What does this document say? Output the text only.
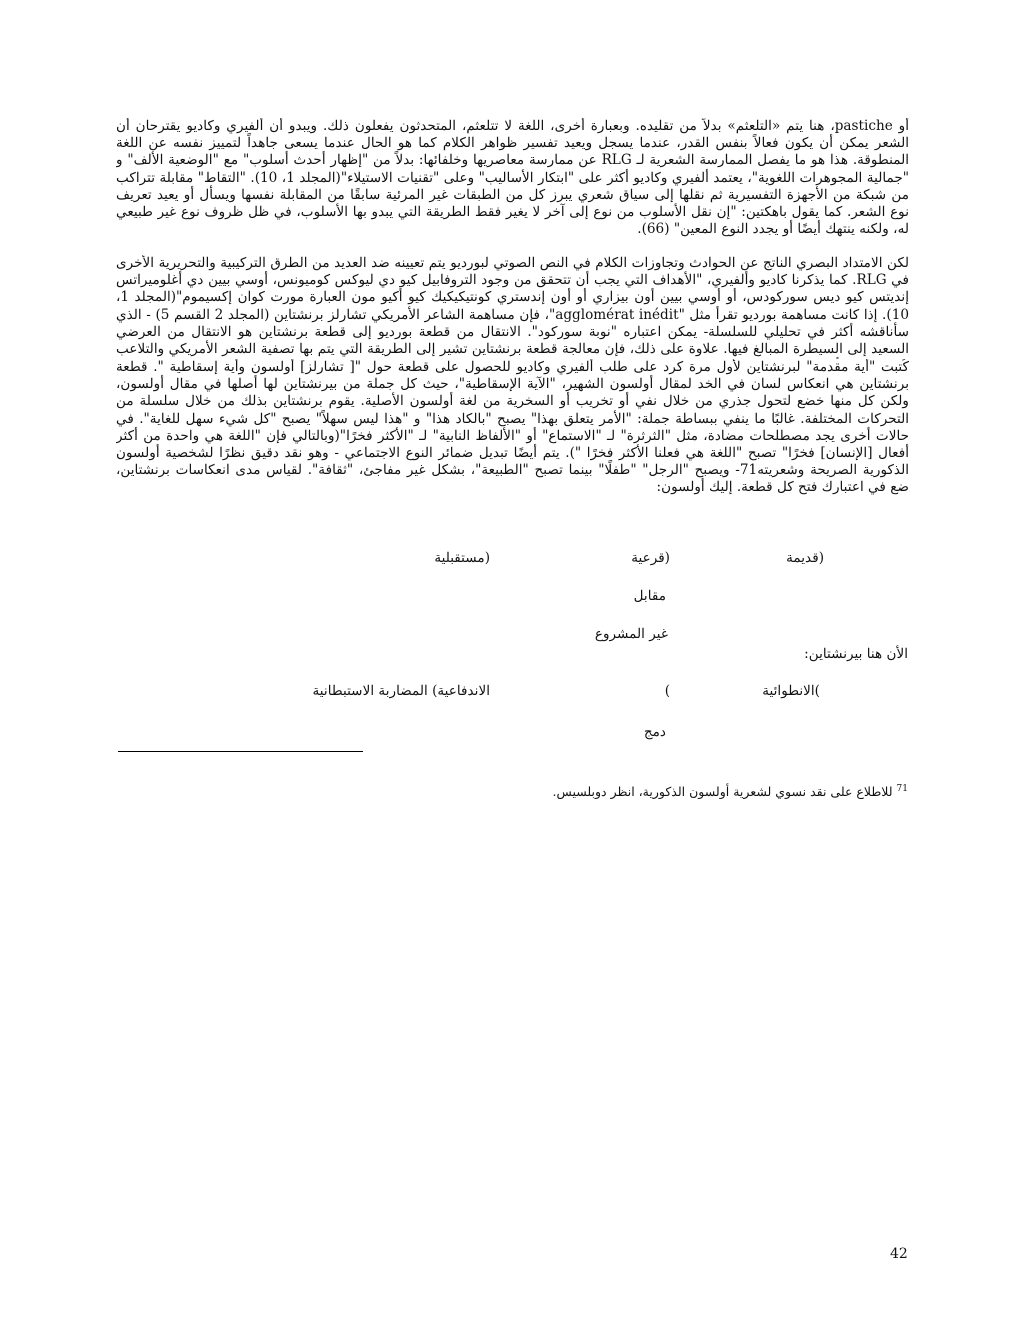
أو pastiche، هنا يتم «التلعثم» بدلاً من تقليده. وبعبارة أخرى، اللغة لا تتلعثم، المتحدثون يفعلون ذلك. ويبدو أن ألفيري وكاديو يقترحان أن الشعر يمكن أن يكون فعالاً بنفس القدر، عندما يسجل ويعيد تفسير ظواهر الكلام كما هو الحال عندما يسعى جاهداً لتمييز نفسه عن اللغة المنطوقة. هذا هو ما يفصل الممارسة الشعرية لـ RLG عن ممارسة معاصريها وخلفائها: بدلاً من "إظهار أحدث أسلوب" مع "الوضعية الألف" و "جمالية المجوهرات اللغوية"، يعتمد ألفيري وكاديو أكثر على "ابتكار الأساليب" وعلى "تقنيات الاستيلاء"(المجلد 1، 10). "التقاط" مقابلة تتراكب من شبكة من الأجهزة التفسيرية ثم نقلها إلى سياق شعري يبرز كل من الطبقات غير المرئية سابقًا من المقابلة نفسها ويسأل أو يعيد تعريف نوع الشعر. كما يقول باهكتين: "إن نقل الأسلوب من نوع إلى آخر لا يغير فقط الطريقة التي يبدو بها الأسلوب، في ظل ظروف نوع غير طبيعي له، ولكنه ينتهك أيضًا أو يجدد النوع المعين" (66).

لكن الامتداد البصري الناتج عن الحوادث وتجاوزات الكلام في النص الصوتي لبورديو يتم تعيينه ضد العديد من الطرق التركيبية والتحريرية الأخرى في RLG. كما يذكرنا كاديو وألفيري، "الأهداف التي يجب أن تتحقق من وجود التروفابيل كيو دي ليوكس كوميونس، أوسي بيين دي أغلوميراتس إنديتس كيو ديس سوركودس، أو أوسي بيين أون بيزاري أو أون إندستري كونتيكيكيك كيو أكيو مون العبارة مورت كوان إكسيموم"(المجلد 1، 10). إذا كانت مساهمة بورديو تقرأ مثل "agglomérat inédit"، فإن مساهمة الشاعر الأمريكي تشارلز برنشتاين (المجلد 2 القسم 5) - الذي سأناقشه أكثر في تحليلي للسلسلة- يمكن اعتباره "نوبة سوركود". الانتقال من قطعة بورديو إلى قطعة برنشتاين هو الانتقال من العرضي السعيد إلى السيطرة المبالغ فيها. علاوة على ذلك، فإن معالجة قطعة برنشتاين تشير إلى الطريقة التي يتم بها تصفية الشعر الأمريكي والتلاعب

كُتبت "أية مقدمة" لبرنشتاين لأول مرة كرد على طلب ألفيري وكاديو للحصول على قطعة حول "[ تشارلز] أولسون وأية إسقاطية ". قطعة برنشتاين هي انعكاس لسان في الخد لمقال أولسون الشهير، "الآية الإسقاطية"، حيث كل جملة من بيرنشتاين لها أصلها في مقال أولسون، ولكن كل منها خضع لتحول جذري من خلال نفي أو تخريب أو السخرية من لغة أولسون الأصلية. يقوم برنشتاين بذلك من خلال سلسلة من التحركات المختلفة. غالبًا ما ينفي ببساطة جملة: "الأمر يتعلق بهذا" يصبح "بالكاد هذا" و "هذا ليس سهلاً" يصبح "كل شيء سهل للغاية". في حالات أخرى يجد مصطلحات مضادة، مثل "الثرثرة" لـ "الاستماع" أو "الألفاظ النابية" لـ "الأكثر فخرًا"(وبالتالي فإن "اللغة هي واحدة من أكثر أفعال [الإنسان] فخرًا" تصبح "اللغة هي فعلنا الأكثر فخرًا "). يتم أيضًا تبديل ضمائر النوع الاجتماعي - وهو نقد دقيق نظرًا لشخصية أولسون الذكورية الصريحة وشعريته71- ويصبح "الرجل" "طفلًا" بينما تصبح "الطبيعة"، بشكل غير مفاجئ، "ثقافة". لقياس مدى انعكاسات برنشتاين، ضع في اعتبارك فتح كل قطعة. إليك أولسون:

(قديمة
(قرعية
(مستقبلية
مقابل
غير المشروع
الأن هنا بيرنشتاين:
)الانطوائية
)
الاندفاعية) المضاربة الاستبطانية
دمج
$^{71}$ للاطلاع على نقد نسوي لشعرية أولسون الذكورية، انظر دوبلسيس.
42
